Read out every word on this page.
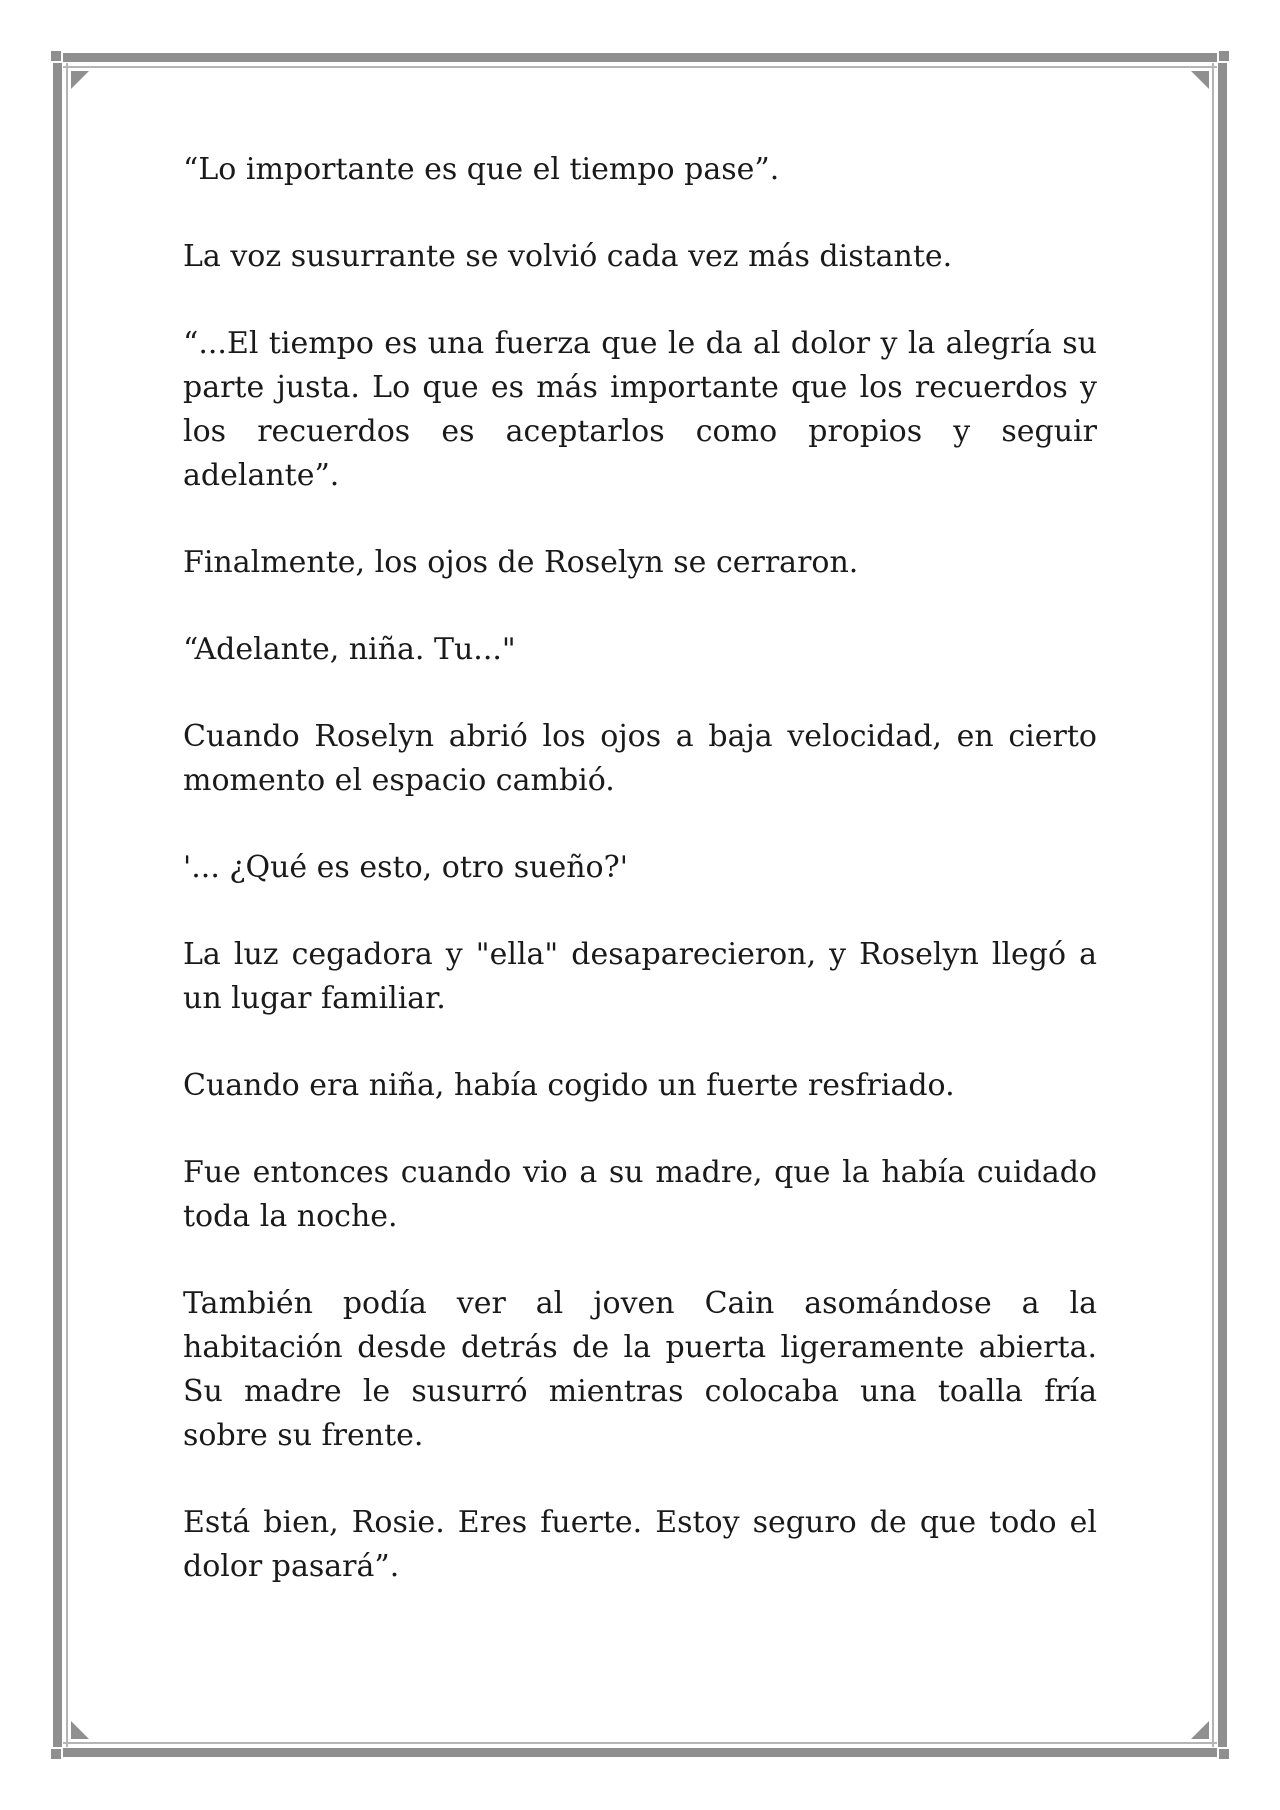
“Lo importante es que el tiempo pase”.

La voz susurrante se volvió cada vez más distante.

“...El tiempo es una fuerza que le da al dolor y la alegría su parte justa. Lo que es más importante que los recuerdos y los recuerdos es aceptarlos como propios y seguir adelante”.

Finalmente, los ojos de Roselyn se cerraron.

“Adelante, niña. Tu..."

Cuando Roselyn abrió los ojos a baja velocidad, en cierto momento el espacio cambió.

'... ¿Qué es esto, otro sueño?'

La luz cegadora y "ella" desaparecieron, y Roselyn llegó a un lugar familiar.

Cuando era niña, había cogido un fuerte resfriado.

Fue entonces cuando vio a su madre, que la había cuidado toda la noche.

También podía ver al joven Cain asomándose a la habitación desde detrás de la puerta ligeramente abierta. Su madre le susurró mientras colocaba una toalla fría sobre su frente.

Está bien, Rosie. Eres fuerte. Estoy seguro de que todo el dolor pasará”.
